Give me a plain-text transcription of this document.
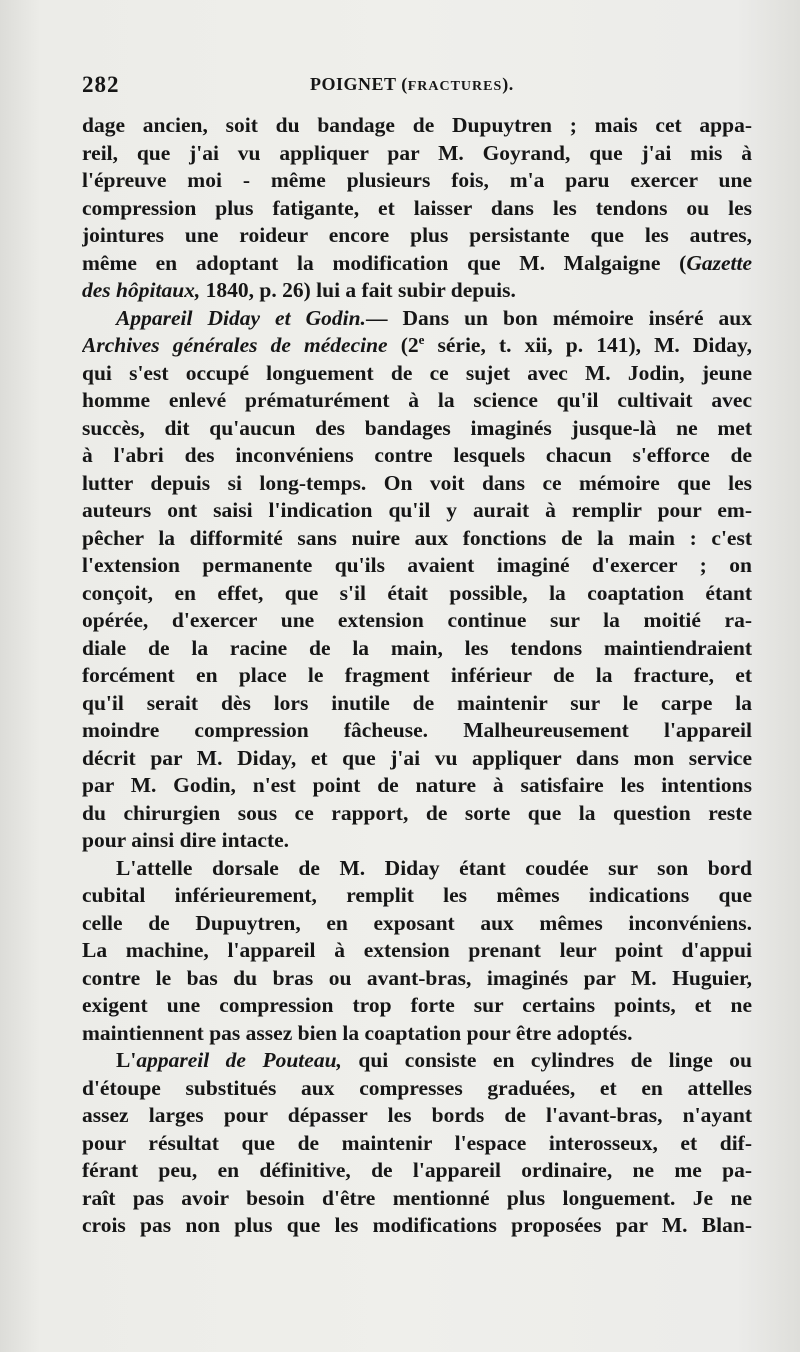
282	POIGNET (FRACTURES).
dage ancien, soit du bandage de Dupuytren ; mais cet appa-
reil, que j'ai vu appliquer par M. Goyrand, que j'ai mis à
l'épreuve moi - même plusieurs fois, m'a paru exercer une
compression plus fatigante, et laisser dans les tendons ou les
jointures une roideur encore plus persistante que les autres,
même en adoptant la modification que M. Malgaigne (Gazette
des hôpitaux, 1840, p. 26) lui a fait subir depuis.
Appareil Diday et Godin.— Dans un bon mémoire inséré aux
Archives générales de médecine (2e série, t. xii, p. 141), M. Diday,
qui s'est occupé longuement de ce sujet avec M. Jodin, jeune
homme enlevé prématurément à la science qu'il cultivait avec
succès, dit qu'aucun des bandages imaginés jusque-là ne met
à l'abri des inconvéniens contre lesquels chacun s'efforce de
lutter depuis si long-temps. On voit dans ce mémoire que les
auteurs ont saisi l'indication qu'il y aurait à remplir pour em-
pêcher la difformité sans nuire aux fonctions de la main : c'est
l'extension permanente qu'ils avaient imaginé d'exercer ; on
conçoit, en effet, que s'il était possible, la coaptation étant
opérée, d'exercer une extension continue sur la moitié ra-
diale de la racine de la main, les tendons maintiendraient
forcément en place le fragment inférieur de la fracture, et
qu'il serait dès lors inutile de maintenir sur le carpe la
moindre compression fâcheuse. Malheureusement l'appareil
décrit par M. Diday, et que j'ai vu appliquer dans mon service
par M. Godin, n'est point de nature à satisfaire les intentions
du chirurgien sous ce rapport, de sorte que la question reste
pour ainsi dire intacte.
L'attelle dorsale de M. Diday étant coudée sur son bord
cubital inférieurement, remplit les mêmes indications que
celle de Dupuytren, en exposant aux mêmes inconvéniens.
La machine, l'appareil à extension prenant leur point d'appui
contre le bas du bras ou avant-bras, imaginés par M. Huguier,
exigent une compression trop forte sur certains points, et ne
maintiennent pas assez bien la coaptation pour être adoptés.
L'appareil de Pouteau, qui consiste en cylindres de linge ou
d'étoupe substitués aux compresses graduées, et en attelles
assez larges pour dépasser les bords de l'avant-bras, n'ayant
pour résultat que de maintenir l'espace interosseux, et dif-
férant peu, en définitive, de l'appareil ordinaire, ne me pa-
raît pas avoir besoin d'être mentionné plus longuement. Je ne
crois pas non plus que les modifications proposées par M. Blan-
